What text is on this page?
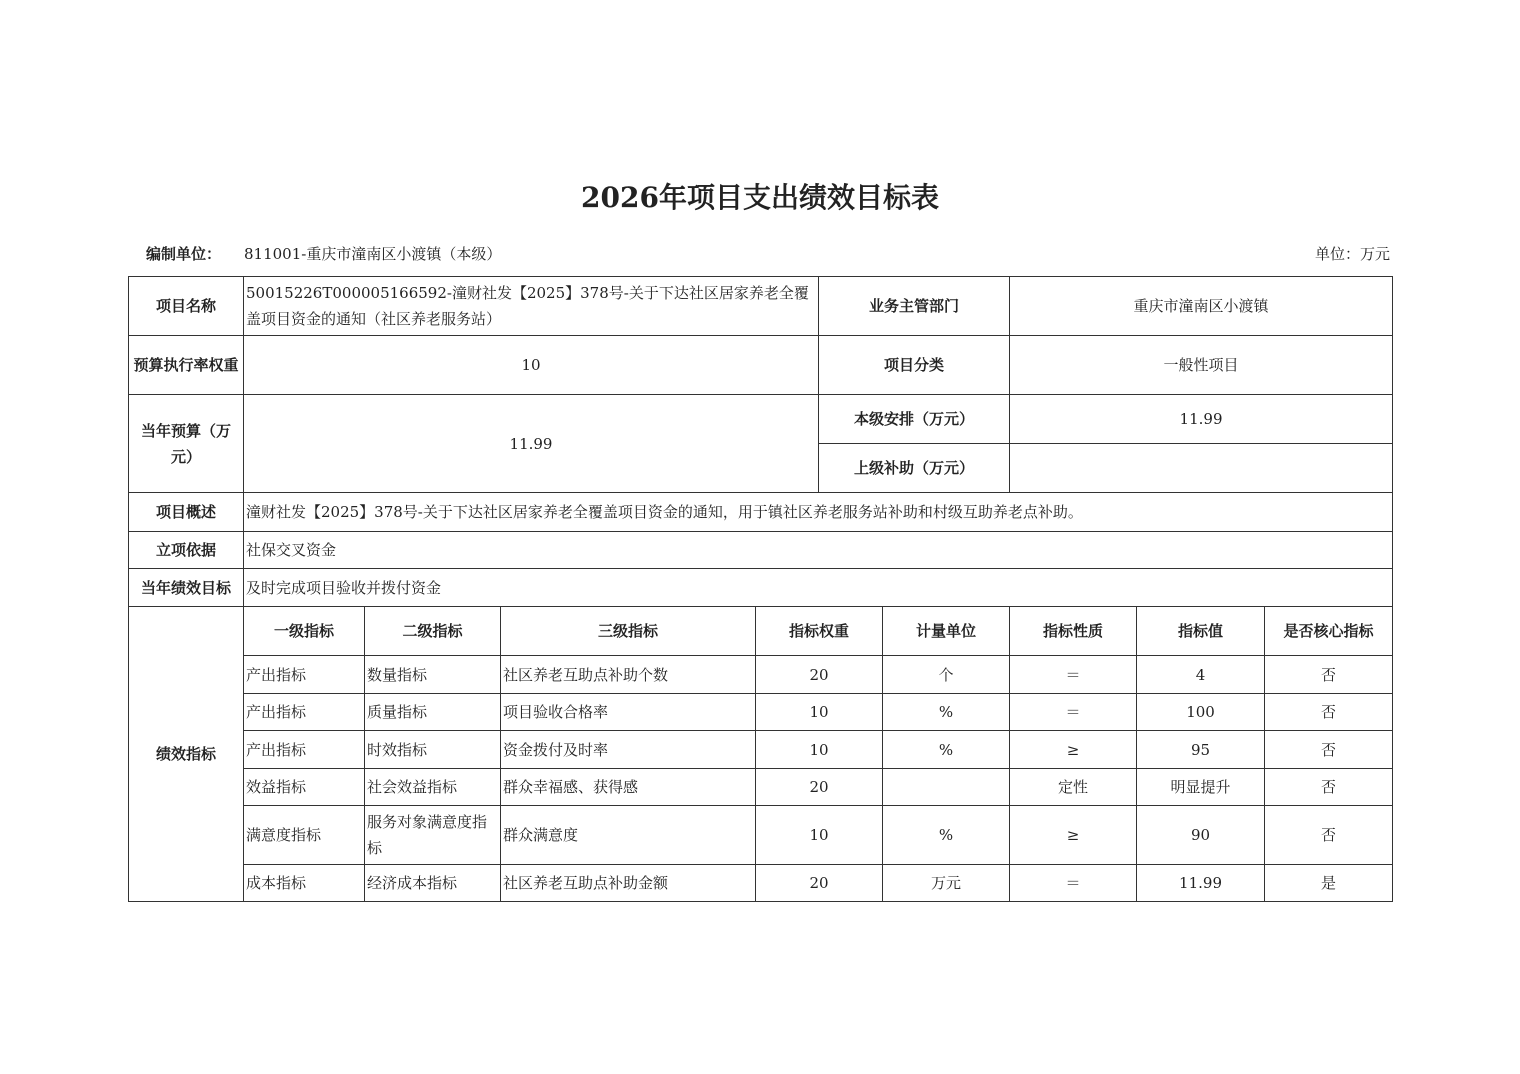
2026年项目支出绩效目标表
编制单位： 811001-重庆市潼南区小渡镇（本级）	单位：万元
项目名称	50015226T000005166592-潼财社发【2025】378号-关于下达社区居家养老全覆盖项目资金的通知（社区养老服务站）				业务主管部门		重庆市潼南区小渡镇		
预算执行率权重	10				项目分类		一般性项目		
当年预算（万元）	11.99				本级安排（万元）		11.99		
					上级补助（万元）				
项目概述	潼财社发【2025】378号-关于下达社区居家养老全覆盖项目资金的通知，用于镇社区养老服务站补助和村级互助养老点补助。								
立项依据	社保交叉资金								
当年绩效目标	及时完成项目验收并拨付资金								
绩效指标	一级指标	二级指标	三级指标	指标权重		计量单位	指标性质	指标值	是否核心指标
	产出指标	数量指标	社区养老互助点补助个数	20		个	＝	4	否
	产出指标	质量指标	项目验收合格率	10		%	＝	100	否
	产出指标	时效指标	资金拨付及时率	10		%	≥	95	否
	效益指标	社会效益指标	群众幸福感、获得感	20			定性	明显提升	否
	满意度指标	服务对象满意度指标	群众满意度	10		%	≥	90	否
	成本指标	经济成本指标	社区养老互助点补助金额	20		万元	＝	11.99	是
